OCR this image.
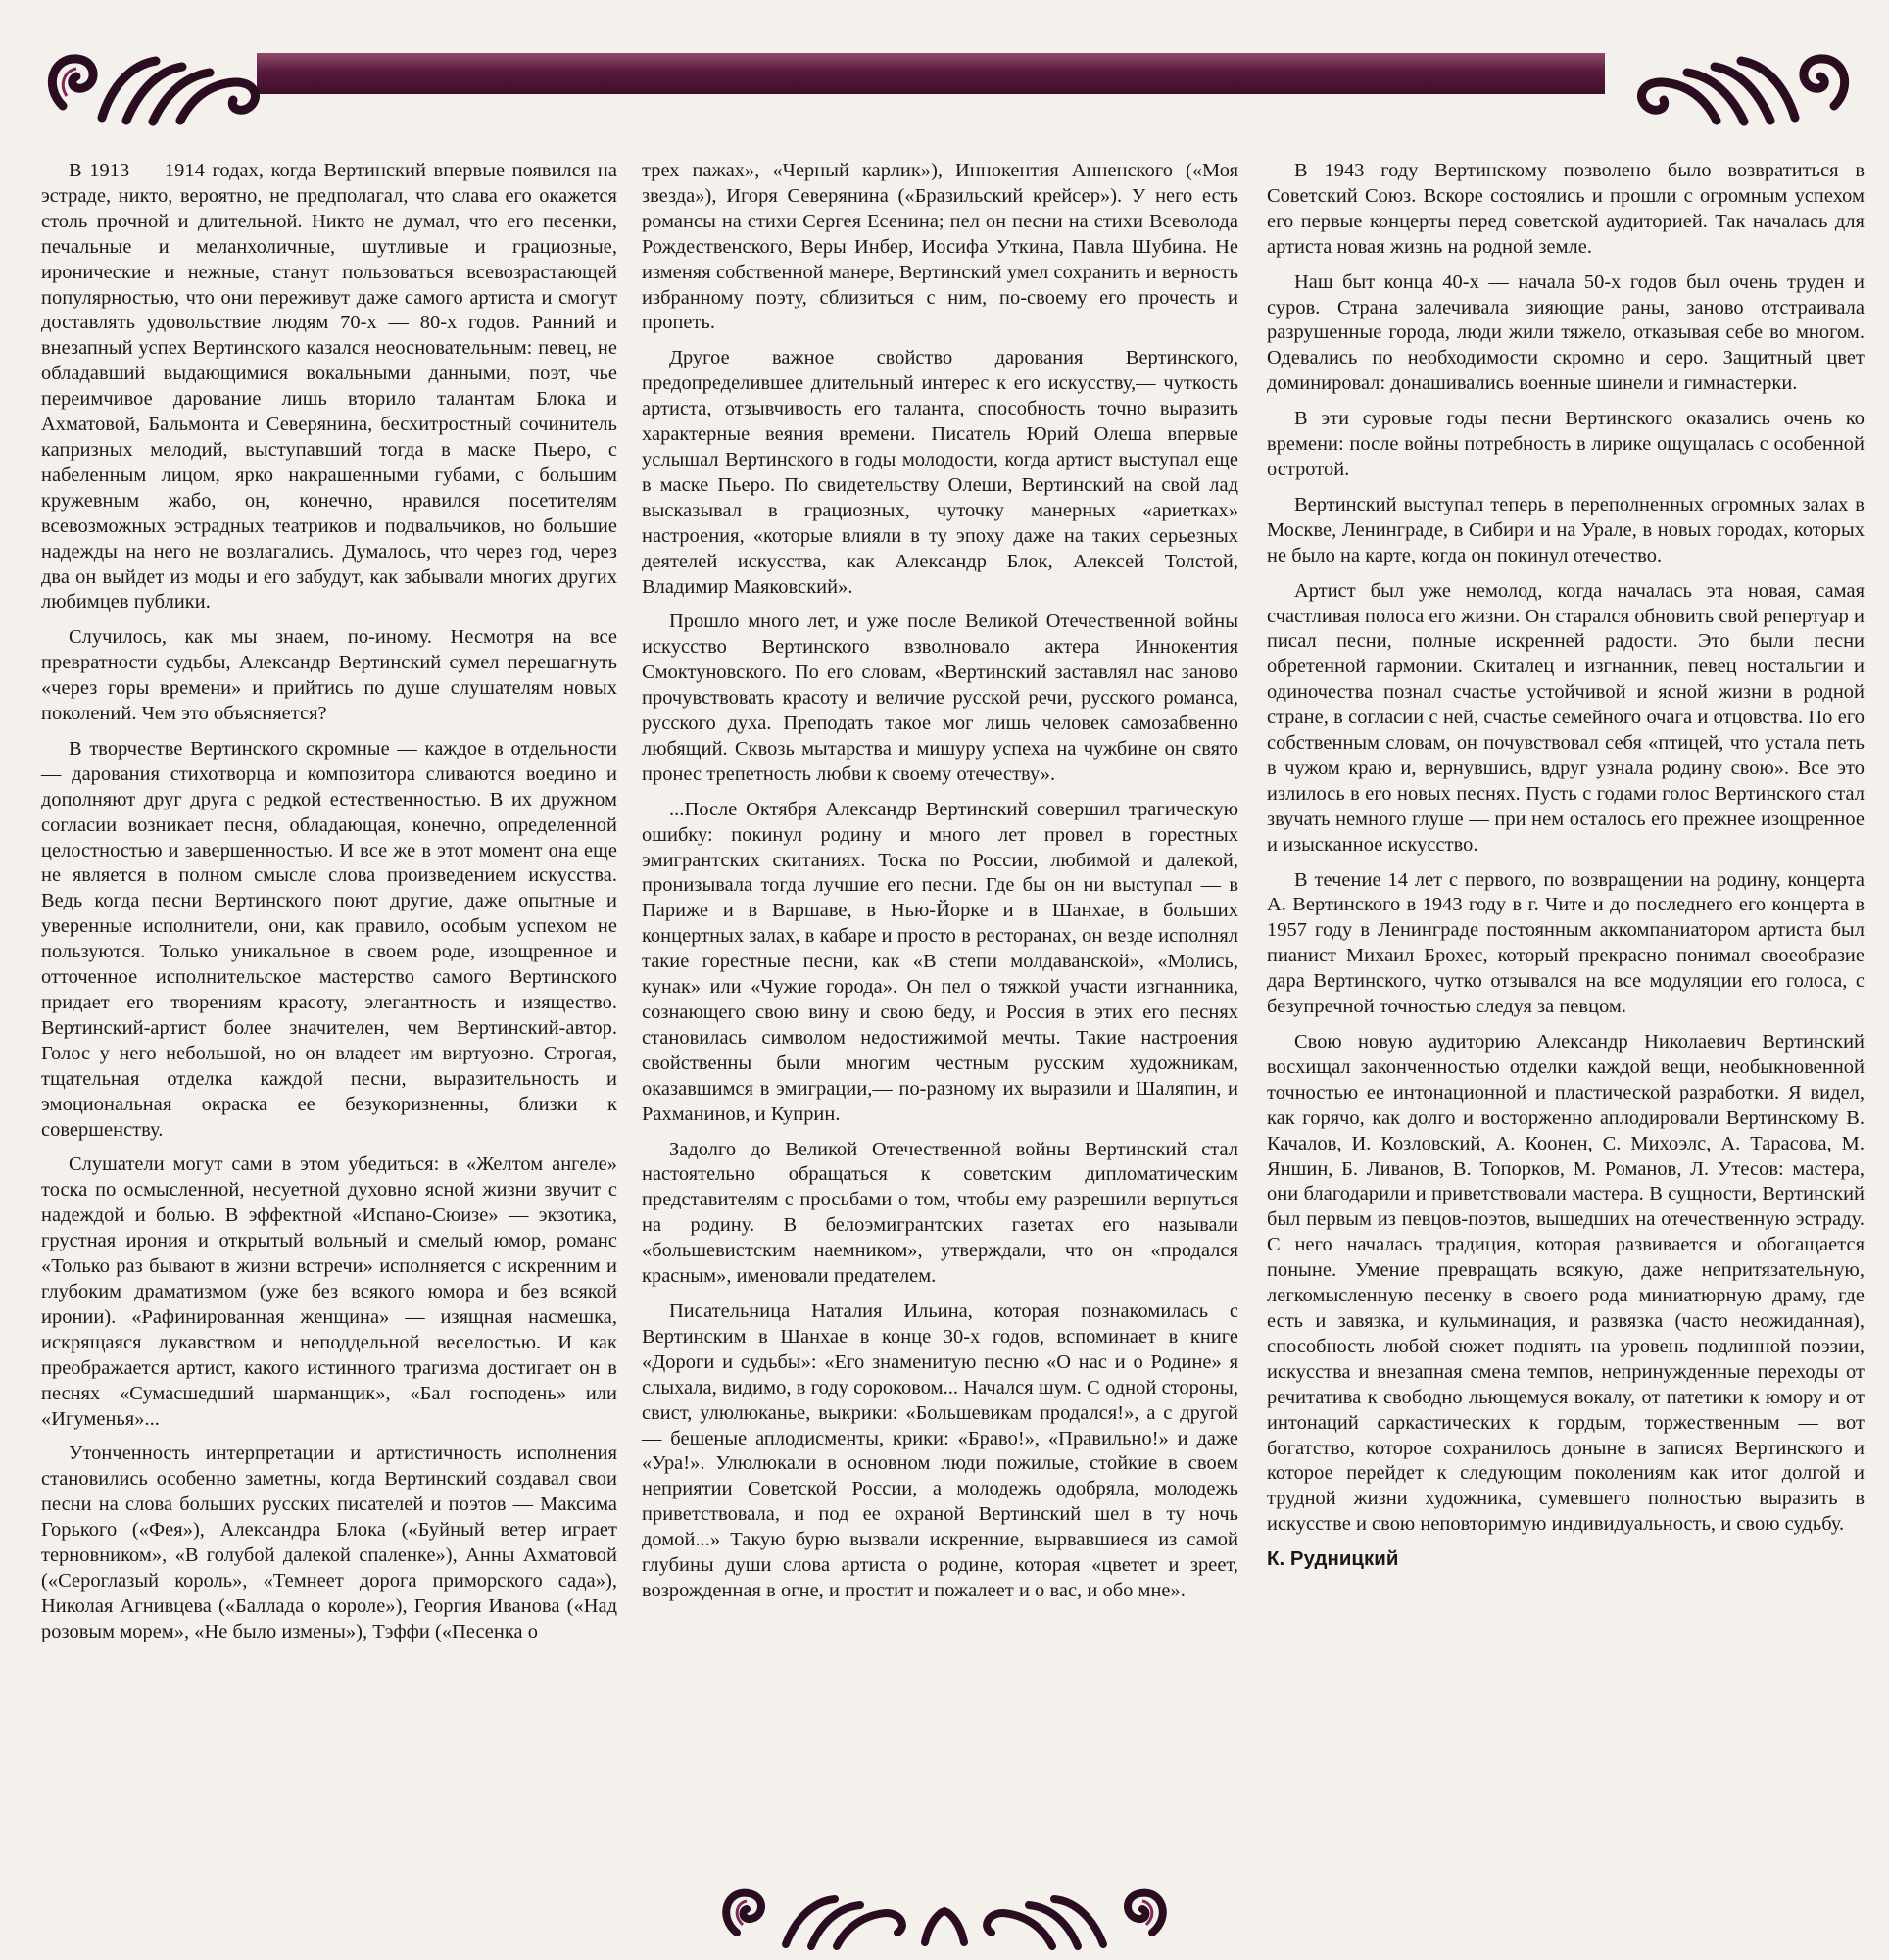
В 1913 — 1914 годах, когда Вертинский впервые появился на эстраде, никто, вероятно, не предполагал, что слава его окажется столь прочной и длительной. Никто не думал, что его песенки, печальные и меланхоличные, шутливые и грациозные, ироничеcкие и нежные, станут пользоваться всевозрастающей популярностью, что они переживут даже самого артиста и смогут доставлять удовольствие людям 70-х — 80-х годов. Ранний и внезапный успех Вертинского казался неосновательным: певец, не обладавший выдающимися вокальными данными, поэт, чье переимчивое дарование лишь вторило талантам Блока и Ахматовой, Бальмонта и Северянина, бесхитростный сочинитель капризных мелодий, выступавший тогда в маске Пьеро, с набеленным лицом, ярко накрашенными губами, с большим кружевным жабо, он, конечно, нравился посетителям всевозможных эстрадных театриков и подвальчиков, но большие надежды на него не возлагались. Думалось, что через год, через два он выйдет из моды и его забудут, как забывали многих других любимцев публики.

Случилось, как мы знаем, по-иному. Несмотря на все превратности судьбы, Александр Вертинский сумел перешагнуть «через горы времени» и прийтись по душе слушателям новых поколений. Чем это объясняется?

В творчестве Вертинского скромные — каждое в отдельности — дарования стихотворца и композитора сливаются воедино и дополняют друг друга с редкой естественностью. В их дружном согласии возникает песня, обладающая, конечно, определенной целостностью и завершенностью. И все же в этот момент она еще не является в полном смысле слова произведением искусства. Ведь когда песни Вертинского поют другие, даже опытные и уверенные исполнители, они, как правило, особым успехом не пользуются. Только уникальное в своем роде, изощренное и отточенное исполнительское мастерство самого Вертинского придает его творениям красоту, элегантность и изящество. Вертинский-артист более значителен, чем Вертинский-автор. Голос у него небольшой, но он владеет им виртуозно. Строгая, тщательная отделка каждой песни, выразительность и эмоциональная окраска ее безукоризненны, близки к совершенству.

Слушатели могут сами в этом убедиться: в «Желтом ангеле» тоска по осмысленной, несуетной духовно ясной жизни звучит с надеждой и болью. В эффектной «Испано-Сюизе» — экзотика, грустная ирония и открытый вольный и смелый юмор, романс «Только раз бывают в жизни встречи» исполняется с искренним и глубоким драматизмом (уже без всякого юмора и без всякой иронии). «Рафинированная женщина» — изящная насмешка, искрящаяся лукавством и неподдельной веселостью. И как преображается артист, какого истинного трагизма достигает он в песнях «Сумасшедший шарманщик», «Бал господень» или «Игуменья»...

Утонченность интерпретации и артистичность исполнения становились особенно заметны, когда Вертинский создавал свои песни на слова больших русских писателей и поэтов — Максима Горького («Фея»), Александра Блока («Буйный ветер играет терновником», «В голубой далекой спаленке»), Анны Ахматовой («Сероглазый король», «Темнеет дорога приморского сада»), Николая Агнивцева («Баллада о короле»), Георгия Иванова («Над розовым морем», «Не было измены»), Тэффи («Песенка о

трех пажах», «Черный карлик»), Иннокентия Анненского («Моя звезда»), Игоря Северянина («Бразильский крейсер»). У него есть романсы на стихи Сергея Есенина; пел он песни на стихи Всеволода Рождественского, Веры Инбер, Иосифа Уткина, Павла Шубина. Не изменяя собственной манере, Вертинский умел сохранить и верность избранному поэту, сблизиться с ним, по-своему его прочесть и пропеть.

Другое важное свойство дарования Вертинского, предопределившее длительный интерес к его искусству,— чуткость артиста, отзывчивость его таланта, способность точно выразить характерные веяния времени. Писатель Юрий Олеша впервые услышал Вертинского в годы молодости, когда артист выступал еще в маске Пьеро. По свидетельству Олеши, Вертинский на свой лад высказывал в грациозных, чуточку манерных «ариетках» настроения, «которые влияли в ту эпоху даже на таких серьезных деятелей искусства, как Александр Блок, Алексей Толстой, Владимир Маяковский».

Прошло много лет, и уже после Великой Отечественной войны искусство Вертинского взволновало актера Иннокентия Смоктуновского. По его словам, «Вертинский заставлял нас заново прочувствовать красоту и величие русской речи, русского романса, русского духа. Преподать такое мог лишь человек самозабвенно любящий. Сквозь мытарства и мишуру успеха на чужбине он свято пронес трепетность любви к своему отечеству».

...После Октября Александр Вертинский совершил трагическую ошибку: покинул родину и много лет провел в горестных эмигрантских скитаниях. Тоска по России, любимой и далекой, пронизывала тогда лучшие его песни. Где бы он ни выступал — в Париже и в Варшаве, в Нью-Йорке и в Шанхае, в больших концертных залах, в кабаре и просто в ресторанах, он везде исполнял такие горестные песни, как «В степи молдаванской», «Молись, кунак» или «Чужие города». Он пел о тяжкой участи изгнанника, сознающего свою вину и свою беду, и Россия в этих его песнях становилась символом недостижимой мечты. Такие настроения свойственны были многим честным русским художникам, оказавшимся в эмиграции,— по-разному их выразили и Шаляпин, и Рахманинов, и Куприн.

Задолго до Великой Отечественной войны Вертинский стал настоятельно обращаться к советским дипломатическим представителям с просьбами о том, чтобы ему разрешили вернуться на родину. В белоэмигрантских газетах его называли «большевистским наемником», утверждали, что он «продался красным», именовали предателем.

Писательница Наталия Ильина, которая познакомилась с Вертинским в Шанхае в конце 30-х годов, вспоминает в книге «Дороги и судьбы»: «Его знаменитую песню «О нас и о Родине» я слыхала, видимо, в году сороковом... Начался шум. С одной стороны, свист, улюлюканье, выкрики: «Большевикам продался!», а с другой — бешеные аплодисменты, крики: «Браво!», «Правильно!» и даже «Ура!». Улюлюкали в основном люди пожилые, стойкие в своем неприятии Советской России, а молодежь одобряла, молодежь приветствовала, и под ее охраной Вертинский шел в ту ночь домой...» Такую бурю вызвали искренние, вырвавшиеся из самой глубины души слова артиста о родине, которая «цветет и зреет, возрожденная в огне, и простит и пожалеет и о вас, и обо мне».

В 1943 году Вертинскому позволено было возвратиться в Советский Союз. Вскоре состоялись и прошли с огромным успехом его первые концерты перед советской аудиторией. Так началась для артиста новая жизнь на родной земле.

Наш быт конца 40-х — начала 50-х годов был очень труден и суров. Страна залечивала зияющие раны, заново отстраивала разрушенные города, люди жили тяжело, отказывая себе во многом. Одевались по необходимости скромно и серо. Защитный цвет доминировал: донашивались военные шинели и гимнастерки.

В эти суровые годы песни Вертинского оказались очень ко времени: после войны потребность в лирике ощущалась с особенной остротой.

Вертинский выступал теперь в переполненных огромных залах в Москве, Ленинграде, в Сибири и на Урале, в новых городах, которых не было на карте, когда он покинул отечество.

Артист был уже немолод, когда началась эта новая, самая счастливая полоса его жизни. Он старался обновить свой репертуар и писал песни, полные искренней радости. Это были песни обретенной гармонии. Скиталец и изгнанник, певец ностальгии и одиночества познал счастье устойчивой и ясной жизни в родной стране, в согласии с ней, счастье семейного очага и отцовства. По его собственным словам, он почувствовал себя «птицей, что устала петь в чужом краю и, вернувшись, вдруг узнала родину свою». Все это излилось в его новых песнях. Пусть с годами голос Вертинского стал звучать немного глуше — при нем осталось его прежнее изощренное и изысканное искусство.

В течение 14 лет с первого, по возвращении на родину, концерта А. Вертинского в 1943 году в г. Чите и до последнего его концерта в 1957 году в Ленинграде постоянным аккомпаниатором артиста был пианист Михаил Брохес, который прекрасно понимал своеобразие дара Вертинского, чутко отзывался на все модуляции его голоса, с безупречной точностью следуя за певцом.

Свою новую аудиторию Александр Николаевич Вертинский восхищал законченностью отделки каждой вещи, необыкновенной точностью ее интонационной и пластической разработки. Я видел, как горячо, как долго и восторженно аплодировали Вертинскому В. Качалов, И. Козловский, А. Коонен, С. Михоэлс, А. Тарасова, М. Яншин, Б. Ливанов, В. Топорков, М. Романов, Л. Утесов: мастера, они благодарили и приветствовали мастера. В сущности, Вертинский был первым из певцов-поэтов, вышедших на отечественную эстраду. С него началась традиция, которая развивается и обогащается поныне. Умение превращать всякую, даже непритязательную, легкомысленную песенку в своего рода миниатюрную драму, где есть и завязка, и кульминация, и развязка (часто неожиданная), способность любой сюжет поднять на уровень подлинной поэзии, искусства и внезапная смена темпов, непринужденные переходы от речитатива к свободно льющемуся вокалу, от патетики к юмору и от интонаций саркастических к гордым, торжественным — вот богатство, которое сохранилось доныне в записях Вертинского и которое перейдет к следующим поколениям как итог долгой и трудной жизни художника, сумевшего полностью выразить в искусстве и свою неповторимую индивидуальность, и свою судьбу.

К. Рудницкий
